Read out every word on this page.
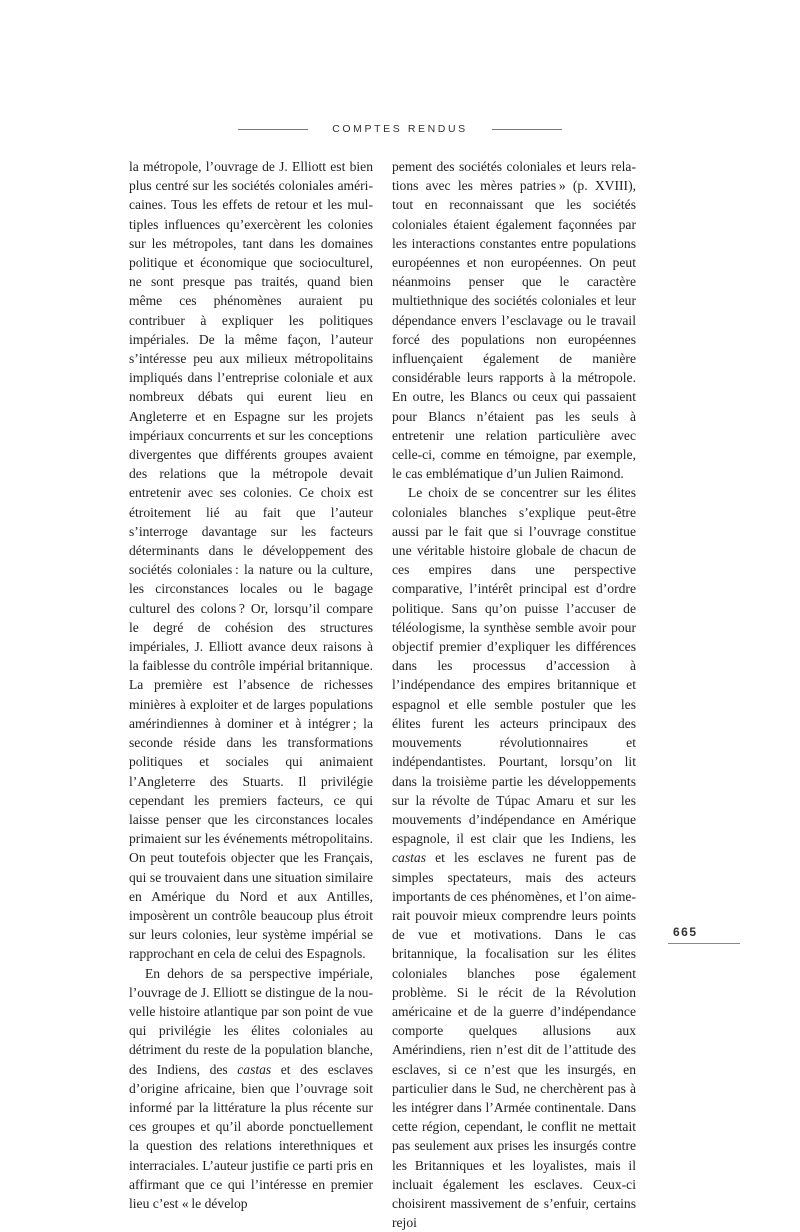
COMPTES RENDUS

la métropole, l’ouvrage de J. Elliott est bien plus centré sur les sociétés coloniales américaines. Tous les effets de retour et les multiples influences qu’exercèrent les colonies sur les métropoles, tant dans les domaines politique et économique que socioculturel, ne sont presque pas traités, quand bien même ces phénomènes auraient pu contribuer à expliquer les politiques impériales. De la même façon, l’auteur s’intéresse peu aux milieux métropolitains impliqués dans l’entreprise coloniale et aux nombreux débats qui eurent lieu en Angleterre et en Espagne sur les projets impériaux concurrents et sur les conceptions divergentes que différents groupes avaient des relations que la métropole devait entretenir avec ses colonies. Ce choix est étroitement lié au fait que l’auteur s’interroge davantage sur les facteurs déterminants dans le développement des sociétés coloniales : la nature ou la culture, les circonstances locales ou le bagage culturel des colons ? Or, lorsqu’il compare le degré de cohésion des structures impériales, J. Elliott avance deux raisons à la faiblesse du contrôle impérial britannique. La première est l’absence de richesses minières à exploiter et de larges populations amérindiennes à dominer et à intégrer ; la seconde réside dans les transformations politiques et sociales qui animaient l’Angleterre des Stuarts. Il privilégie cependant les premiers facteurs, ce qui laisse penser que les circonstances locales primaient sur les événements métropolitains. On peut toutefois objecter que les Français, qui se trouvaient dans une situation similaire en Amérique du Nord et aux Antilles, imposèrent un contrôle beaucoup plus étroit sur leurs colonies, leur système impérial se rapprochant en cela de celui des Espagnols.

En dehors de sa perspective impériale, l’ouvrage de J. Elliott se distingue de la nouvelle histoire atlantique par son point de vue qui privilégie les élites coloniales au détriment du reste de la population blanche, des Indiens, des castas et des esclaves d’origine africaine, bien que l’ouvrage soit informé par la littérature la plus récente sur ces groupes et qu’il aborde ponctuellement la question des relations interethniques et interraciales. L’auteur justifie ce parti pris en affirmant que ce qui l’intéresse en premier lieu c’est « le dévelop

pement des sociétés coloniales et leurs relations avec les mères patries » (p. XVIII), tout en reconnaissant que les sociétés coloniales étaient également façonnées par les interactions constantes entre populations européennes et non européennes. On peut néanmoins penser que le caractère multiethnique des sociétés coloniales et leur dépendance envers l’esclavage ou le travail forcé des populations non européennes influençaient également de manière considérable leurs rapports à la métropole. En outre, les Blancs ou ceux qui passaient pour Blancs n’étaient pas les seuls à entretenir une relation particulière avec celle-ci, comme en témoigne, par exemple, le cas emblématique d’un Julien Raimond.

Le choix de se concentrer sur les élites coloniales blanches s’explique peut-être aussi par le fait que si l’ouvrage constitue une véritable histoire globale de chacun de ces empires dans une perspective comparative, l’intérêt principal est d’ordre politique. Sans qu’on puisse l’accuser de téléologisme, la synthèse semble avoir pour objectif premier d’expliquer les différences dans les processus d’accession à l’indépendance des empires britannique et espagnol et elle semble postuler que les élites furent les acteurs principaux des mouvements révolutionnaires et indépendantistes. Pourtant, lorsqu’on lit dans la troisième partie les développements sur la révolte de Túpac Amaru et sur les mouvements d’indépendance en Amérique espagnole, il est clair que les Indiens, les castas et les esclaves ne furent pas de simples spectateurs, mais des acteurs importants de ces phénomènes, et l’on aimerait pouvoir mieux comprendre leurs points de vue et motivations. Dans le cas britannique, la focalisation sur les élites coloniales blanches pose également problème. Si le récit de la Révolution américaine et de la guerre d’indépendance comporte quelques allusions aux Amérindiens, rien n’est dit de l’attitude des esclaves, si ce n’est que les insurgés, en particulier dans le Sud, ne cherchèrent pas à les intégrer dans l’Armée continentale. Dans cette région, cependant, le conflit ne mettait pas seulement aux prises les insurgés contre les Britanniques et les loyalistes, mais il incluait également les esclaves. Ceux-ci choisirent massivement de s’enfuir, certains rejoi

665
